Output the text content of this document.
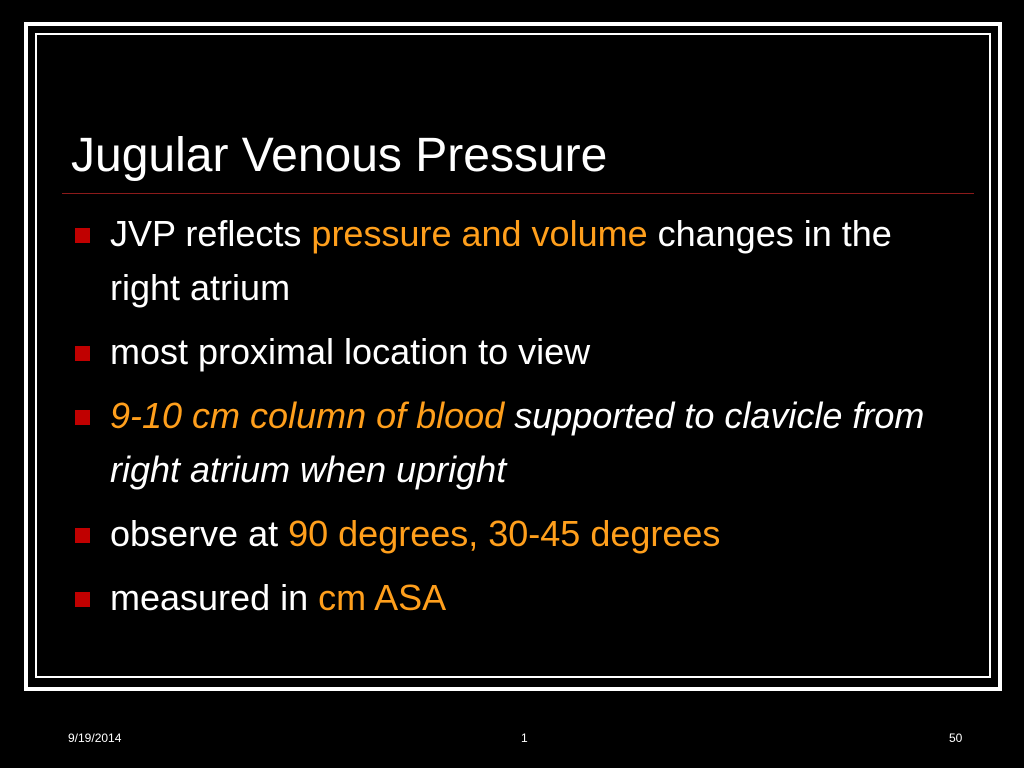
Jugular Venous Pressure
JVP reflects pressure and volume changes in the right atrium
most proximal location to view
9-10 cm column of blood supported to clavicle from right atrium when upright
observe at 90 degrees, 30-45 degrees
measured in cm ASA
9/19/2014	1	50
